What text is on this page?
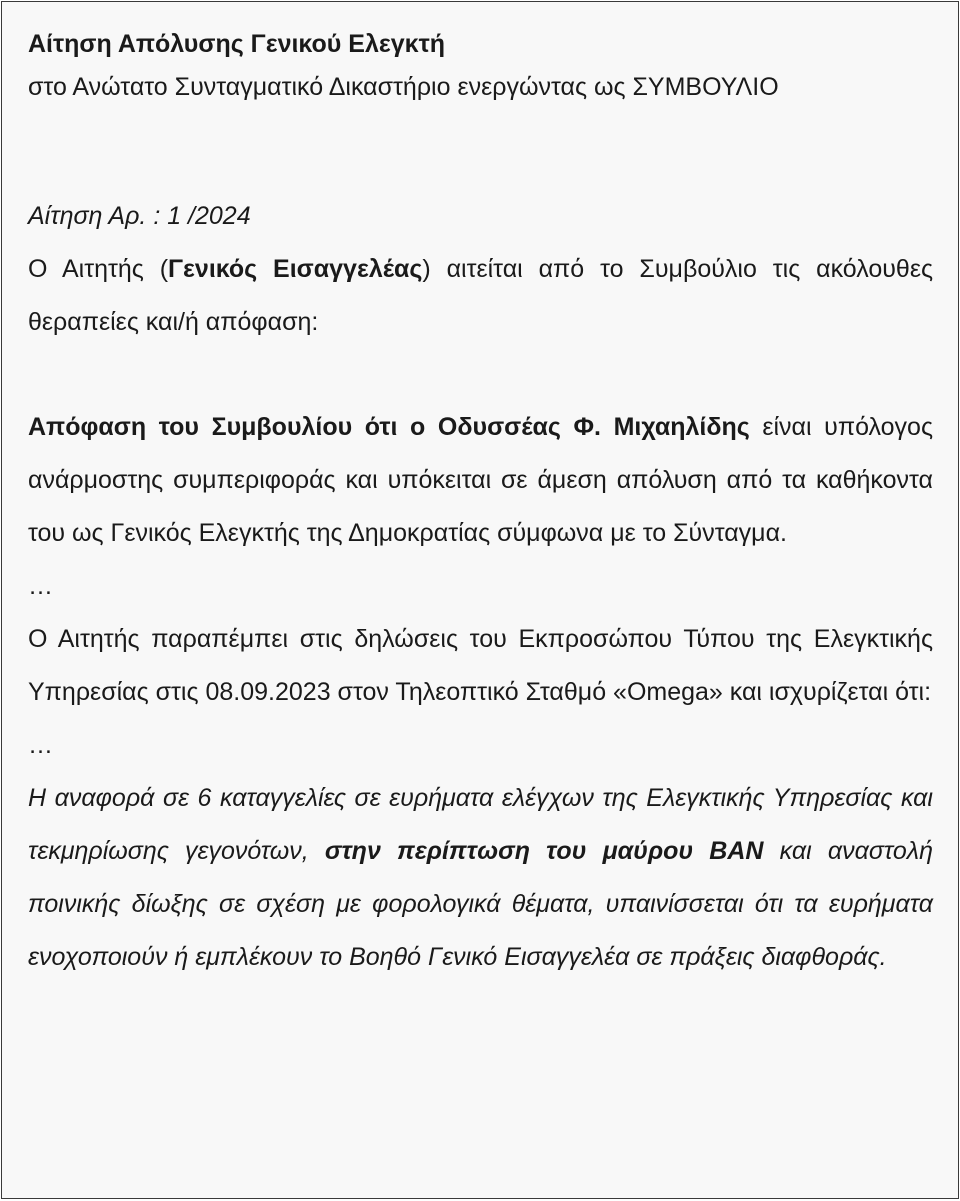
Αίτηση Απόλυσης Γενικού Ελεγκτή

στο Ανώτατο Συνταγματικό Δικαστήριο ενεργώντας ως ΣΥΜΒΟΥΛΙΟ

Αίτηση Αρ. : 1 /2024

Ο Αιτητής (Γενικός Εισαγγελέας) αιτείται από το Συμβούλιο τις ακόλουθες θεραπείες και/ή απόφαση:

Απόφαση του Συμβουλίου ότι ο Οδυσσέας Φ. Μιχαηλίδης είναι υπόλογος ανάρμοστης συμπεριφοράς και υπόκειται σε άμεση απόλυση από τα καθήκοντα του ως Γενικός Ελεγκτής της Δημοκρατίας σύμφωνα με το Σύνταγμα.

…

Ο Αιτητής παραπέμπει στις δηλώσεις του Εκπροσώπου Τύπου της Ελεγκτικής Υπηρεσίας στις 08.09.2023 στον Τηλεοπτικό Σταθμό «Omega» και ισχυρίζεται ότι:

…

Η αναφορά σε 6 καταγγελίες σε ευρήματα ελέγχων της Ελεγκτικής Υπηρεσίας και τεκμηρίωσης γεγονότων, στην περίπτωση του μαύρου BAN και αναστολή ποινικής δίωξης σε σχέση με φορολογικά θέματα, υπαινίσσεται ότι τα ευρήματα ενοχοποιούν ή εμπλέκουν το Βοηθό Γενικό Εισαγγελέα σε πράξεις διαφθοράς.
